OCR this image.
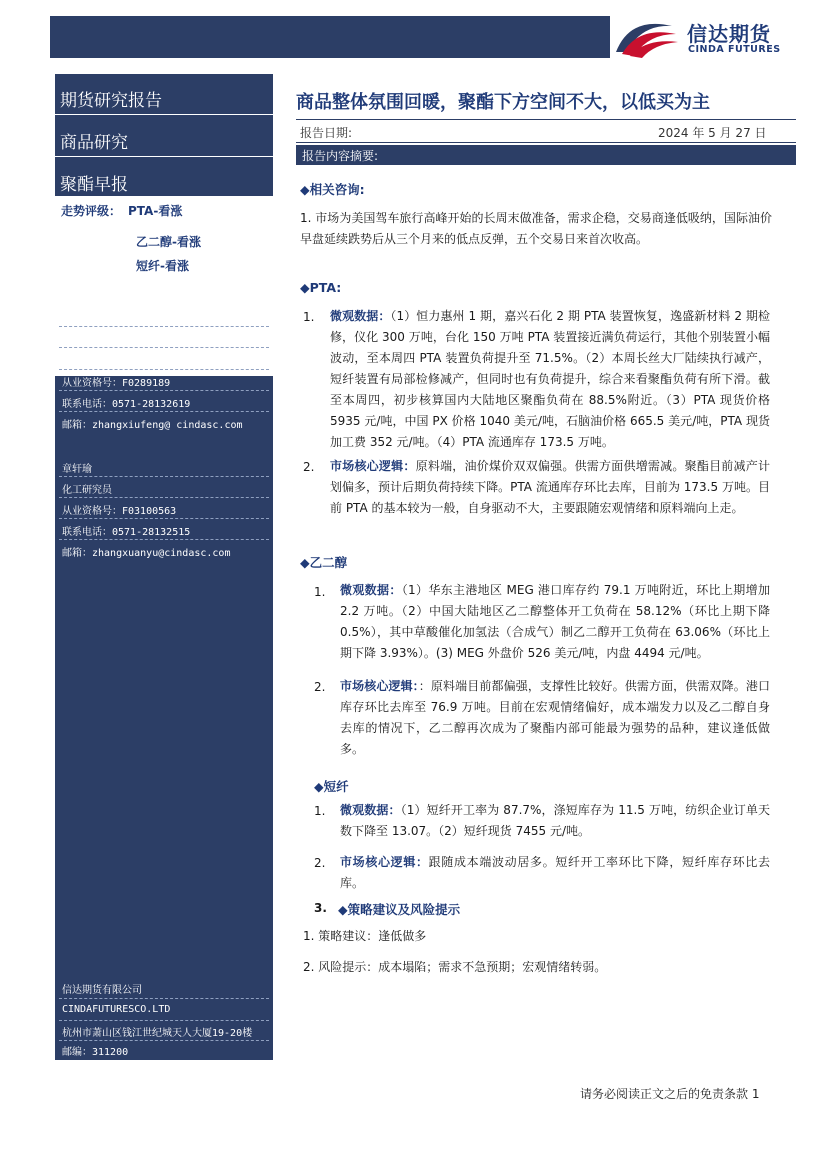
信达期货
CINDA FUTURES
期货研究报告
商品研究
聚酯早报
走势评级： PTA-看涨
乙二醇-看涨
短纤-看涨
张秀峰
化工研究员
投资咨询编号：Z0011152
从业资格号：F0289189
联系电话：0571-28132619
邮箱：zhangxiufeng@ cindasc.com
章轩瑜
化工研究员
从业资格号：F03100563
联系电话：0571-28132515
邮箱：zhangxuanyu@cindasc.com
信达期货有限公司
CINDAFUTURESCO.LTD
杭州市萧山区钱江世纪城天人大厦19-20楼
邮编：311200
商品整体氛围回暖，聚酯下方空间不大，以低买为主
报告日期:	2024 年 5 月 27 日
报告内容摘要:
◆相关咨询:
1. 市场为美国驾车旅行高峰开始的长周末做准备，需求企稳，交易商逢低吸纳，国际油价早盘延续跌势后从三个月来的低点反弹，五个交易日来首次收高。
◆PTA:
1. 微观数据：（1）恒力惠州 1 期，嘉兴石化 2 期 PTA 装置恢复，逸盛新材料 2 期检修，仪化 300 万吨，台化 150 万吨 PTA 装置接近满负荷运行，其他个别装置小幅波动，至本周四 PTA 装置负荷提升至 71.5%。（2）本周长丝大厂陆续执行减产，短纤装置有局部检修减产，但同时也有负荷提升，综合来看聚酯负荷有所下滑。截至本周四，初步核算国内大陆地区聚酯负荷在 88.5%附近。（3）PTA 现货价格 5935 元/吨，中国 PX 价格 1040 美元/吨，石脑油价格 665.5 美元/吨，PTA 现货加工费 352 元/吨。（4）PTA 流通库存 173.5 万吨。
2. 市场核心逻辑：原料端，油价煤价双双偏强。供需方面供增需减。聚酯目前减产计划偏多，预计后期负荷持续下降。PTA 流通库存环比去库，目前为 173.5 万吨。目前 PTA 的基本较为一般，自身驱动不大，主要跟随宏观情绪和原料端向上走。
◆乙二醇
1. 微观数据：（1）华东主港地区 MEG 港口库存约 79.1 万吨附近，环比上期增加 2.2 万吨。（2）中国大陆地区乙二醇整体开工负荷在 58.12%（环比上期下降 0.5%），其中草酸催化加氢法（合成气）制乙二醇开工负荷在 63.06%（环比上期下降 3.93%）。(3) MEG 外盘价 526 美元/吨，内盘 4494 元/吨。
2. 市场核心逻辑：：原料端目前都偏强，支撑性比较好。供需方面，供需双降。港口库存环比去库至 76.9 万吨。目前在宏观情绪偏好，成本端发力以及乙二醇自身去库的情况下，乙二醇再次成为了聚酯内部可能最为强势的品种，建议逢低做多。
◆短纤
1. 微观数据：（1）短纤开工率为 87.7%，涤短库存为 11.5 万吨，纺织企业订单天数下降至 13.07。（2）短纤现货 7455 元/吨。
2. 市场核心逻辑：跟随成本端波动居多。短纤开工率环比下降，短纤库存环比去库。
3. ◆策略建议及风险提示
1. 策略建议：逢低做多
2. 风险提示：成本塌陷；需求不急预期；宏观情绪转弱。
请务必阅读正文之后的免责条款 1
